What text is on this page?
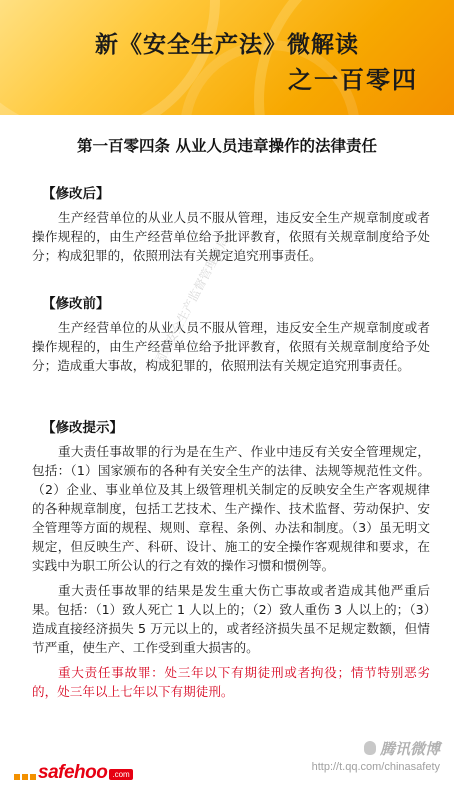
新《安全生产法》微解读
之一百零四
第一百零四条 从业人员违章操作的法律责任
国家安全生产监督管理总局
【修改后】

生产经营单位的从业人员不服从管理，违反安全生产规章制度或者操作规程的，由生产经营单位给予批评教育，依照有关规章制度给予处分；构成犯罪的，依照刑法有关规定追究刑事责任。

【修改前】

生产经营单位的从业人员不服从管理，违反安全生产规章制度或者操作规程的，由生产经营单位给予批评教育，依照有关规章制度给予处分；造成重大事故，构成犯罪的，依照刑法有关规定追究刑事责任。

【修改提示】

重大责任事故罪的行为是在生产、作业中违反有关安全管理规定，包括：（1）国家颁布的各种有关安全生产的法律、法规等规范性文件。（2）企业、事业单位及其上级管理机关制定的反映安全生产客观规律的各种规章制度，包括工艺技术、生产操作、技术监督、劳动保护、安全管理等方面的规程、规则、章程、条例、办法和制度。（3）虽无明文规定，但反映生产、科研、设计、施工的安全操作客观规律和要求，在实践中为职工所公认的行之有效的操作习惯和惯例等。

重大责任事故罪的结果是发生重大伤亡事故或者造成其他严重后果。包括：（1）致人死亡 1 人以上的；（2）致人重伤 3 人以上的；（3）造成直接经济损失 5 万元以上的，或者经济损失虽不足规定数额，但情节严重，使生产、工作受到重大损害的。

重大责任事故罪：处三年以下有期徒刑或者拘役；情节特别恶劣的，处三年以上七年以下有期徒刑。

腾讯微博
http://t.qq.com/chinasafety
safehoo .com
